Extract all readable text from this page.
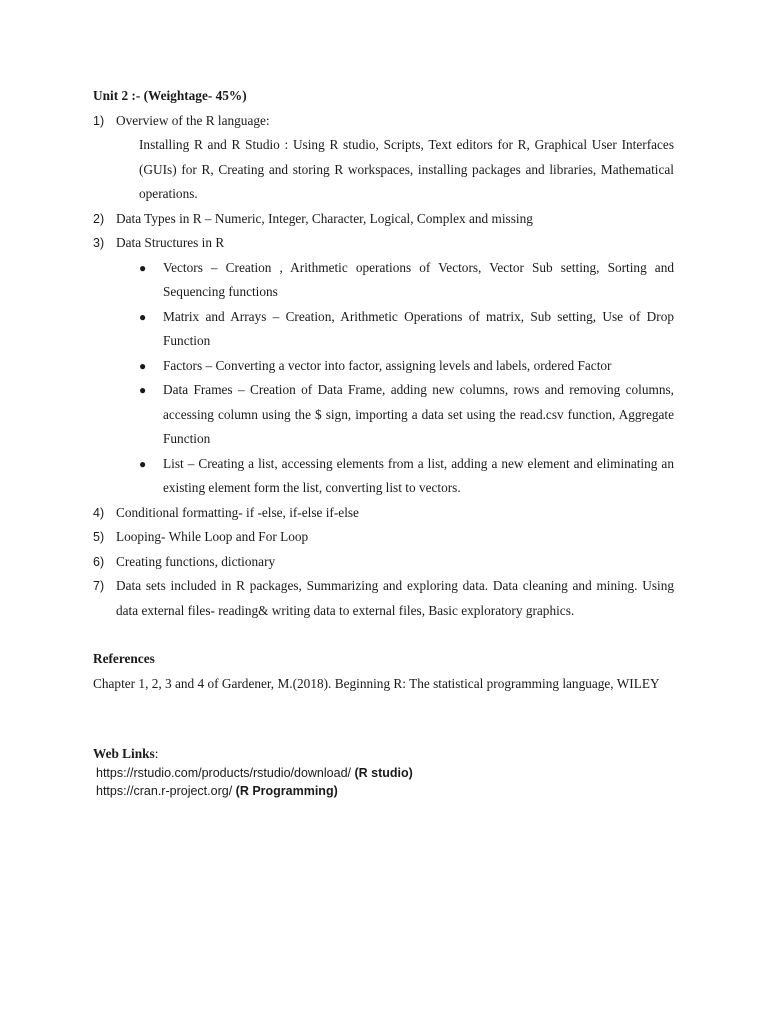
Unit 2 :- (Weightage- 45%)
1) Overview of the R language:
Installing R and R Studio : Using R studio, Scripts, Text editors for R, Graphical User Interfaces (GUIs) for R, Creating and storing R workspaces, installing packages and libraries, Mathematical operations.
2) Data Types in R – Numeric, Integer, Character, Logical, Complex and missing
3) Data Structures in R
● Vectors – Creation , Arithmetic operations of Vectors, Vector Sub setting, Sorting and Sequencing functions
● Matrix and Arrays – Creation, Arithmetic Operations of matrix, Sub setting, Use of Drop Function
● Factors – Converting a vector into factor, assigning levels and labels, ordered Factor
● Data Frames – Creation of Data Frame, adding new columns, rows and removing columns, accessing column using the $ sign, importing a data set using the read.csv function, Aggregate Function
● List – Creating a list, accessing elements from a list, adding a new element and eliminating an existing element form the list, converting list to vectors.
4) Conditional formatting- if -else, if-else if-else
5) Looping- While Loop and For Loop
6) Creating functions, dictionary
7) Data sets included in R packages, Summarizing and exploring data. Data cleaning and mining. Using data external files- reading& writing data to external files, Basic exploratory graphics.
References
Chapter 1, 2, 3 and 4 of Gardener, M.(2018). Beginning R: The statistical programming language, WILEY
Web Links:
https://rstudio.com/products/rstudio/download/ (R studio)
https://cran.r-project.org/ (R Programming)
